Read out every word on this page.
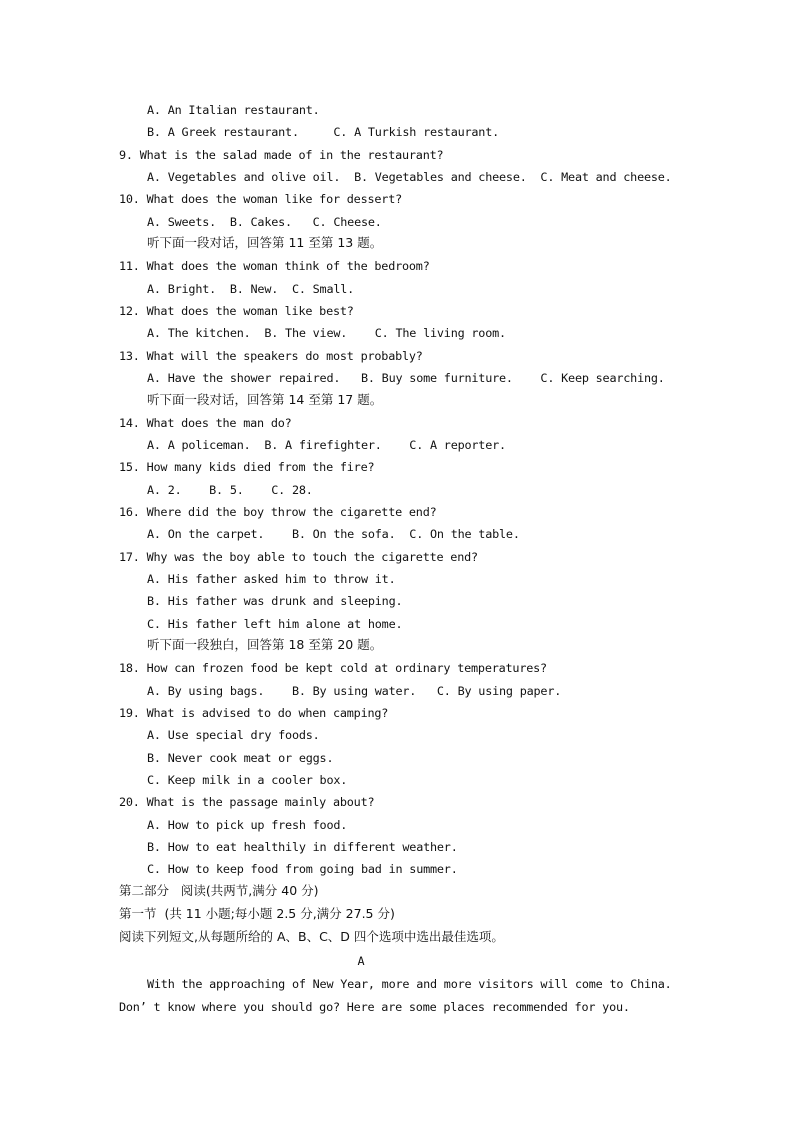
A. An Italian restaurant.
B. A Greek restaurant.     C. A Turkish restaurant.
9. What is the salad made of in the restaurant?
A. Vegetables and olive oil.  B. Vegetables and cheese.  C. Meat and cheese.
10. What does the woman like for dessert?
A. Sweets.  B. Cakes.   C. Cheese.
听下面一段对话，回答第 11 至第 13 题。
11. What does the woman think of the bedroom?
A. Bright.  B. New.  C. Small.
12. What does the woman like best?
A. The kitchen.  B. The view.    C. The living room.
13. What will the speakers do most probably?
A. Have the shower repaired.   B. Buy some furniture.    C. Keep searching.
听下面一段对话，回答第 14 至第 17 题。
14. What does the man do?
A. A policeman.  B. A firefighter.    C. A reporter.
15. How many kids died from the fire?
A. 2.    B. 5.    C. 28.
16. Where did the boy throw the cigarette end?
A. On the carpet.    B. On the sofa.  C. On the table.
17. Why was the boy able to touch the cigarette end?
A. His father asked him to throw it.
B. His father was drunk and sleeping.
C. His father left him alone at home.
听下面一段独白，回答第 18 至第 20 题。
18. How can frozen food be kept cold at ordinary temperatures?
A. By using bags.    B. By using water.   C. By using paper.
19. What is advised to do when camping?
A. Use special dry foods.
B. Never cook meat or eggs.
C. Keep milk in a cooler box.
20. What is the passage mainly about?
A. How to pick up fresh food.
B. How to eat healthily in different weather.
C. How to keep food from going bad in summer.
第二部分   阅读(共两节,满分 40 分)
第一节  (共 11 小题;每小题 2.5 分,满分 27.5 分)
阅读下列短文,从每题所给的 A、B、C、D 四个选项中选出最佳选项。
A
With the approaching of New Year, more and more visitors will come to China.
Don’ t know where you should go? Here are some places recommended for you.
